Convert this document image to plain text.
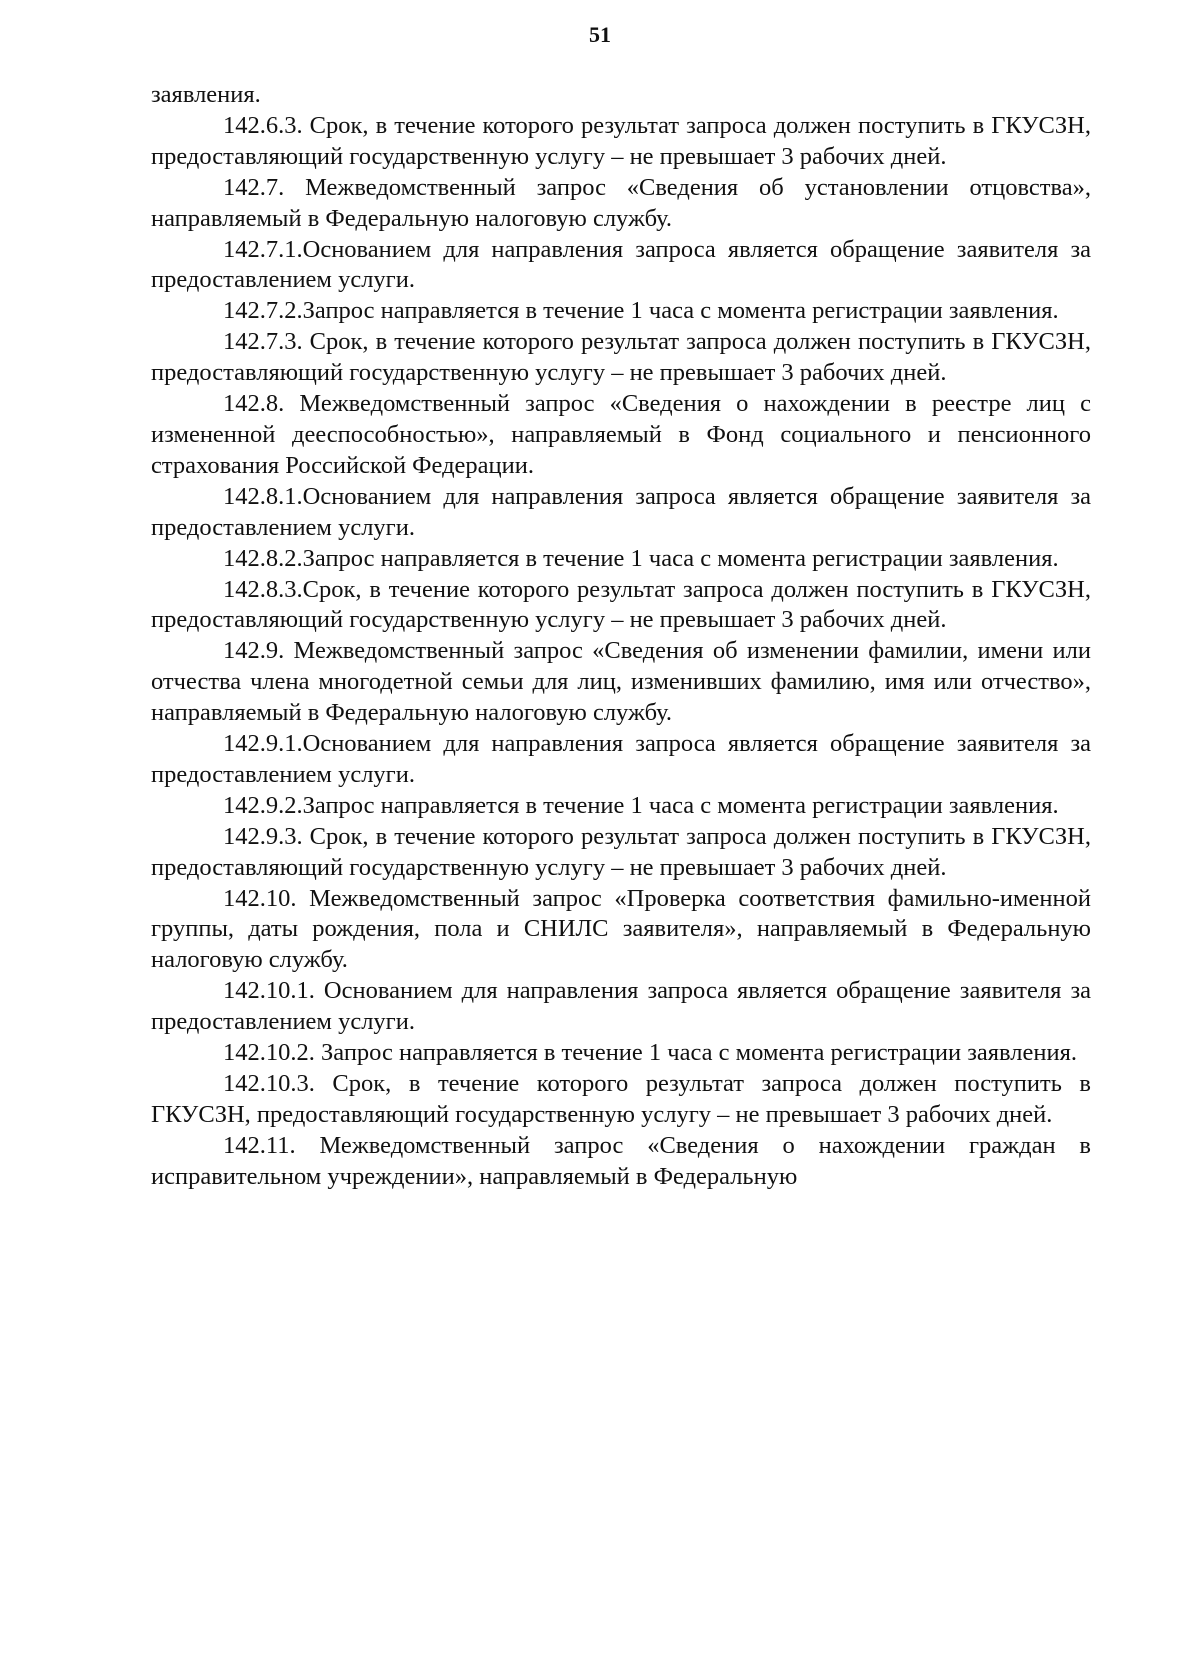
51

заявления.

142.6.3. Срок, в течение которого результат запроса должен поступить в ГКУСЗН, предоставляющий государственную услугу – не превышает 3 рабочих дней.

142.7. Межведомственный запрос «Сведения об установлении отцовства», направляемый в Федеральную налоговую службу.

142.7.1.Основанием для направления запроса является обращение заявителя за предоставлением услуги.

142.7.2.Запрос направляется в течение 1 часа с момента регистрации заявления.

142.7.3. Срок, в течение которого результат запроса должен поступить в ГКУСЗН, предоставляющий государственную услугу – не превышает 3 рабочих дней.

142.8. Межведомственный запрос «Сведения о нахождении в реестре лиц с измененной дееспособностью», направляемый в Фонд социального и пенсионного страхования Российской Федерации.

142.8.1.Основанием для направления запроса является обращение заявителя за предоставлением услуги.

142.8.2.Запрос направляется в течение 1 часа с момента регистрации заявления.

142.8.3.Срок, в течение которого результат запроса должен поступить в ГКУСЗН, предоставляющий государственную услугу – не превышает 3 рабочих дней.

142.9. Межведомственный запрос «Сведения об изменении фамилии, имени или отчества члена многодетной семьи для лиц, изменивших фамилию, имя или отчество», направляемый в Федеральную налоговую службу.

142.9.1.Основанием для направления запроса является обращение заявителя за предоставлением услуги.

142.9.2.Запрос направляется в течение 1 часа с момента регистрации заявления.

142.9.3. Срок, в течение которого результат запроса должен поступить в ГКУСЗН, предоставляющий государственную услугу – не превышает 3 рабочих дней.

142.10. Межведомственный запрос «Проверка соответствия фамильно-именной группы, даты рождения, пола и СНИЛС заявителя», направляемый в Федеральную налоговую службу.

142.10.1. Основанием для направления запроса является обращение заявителя за предоставлением услуги.

142.10.2. Запрос направляется в течение 1 часа с момента регистрации заявления.

142.10.3. Срок, в течение которого результат запроса должен поступить в ГКУСЗН, предоставляющий государственную услугу – не превышает 3 рабочих дней.

142.11. Межведомственный запрос «Сведения о нахождении граждан в исправительном учреждении», направляемый в Федеральную
